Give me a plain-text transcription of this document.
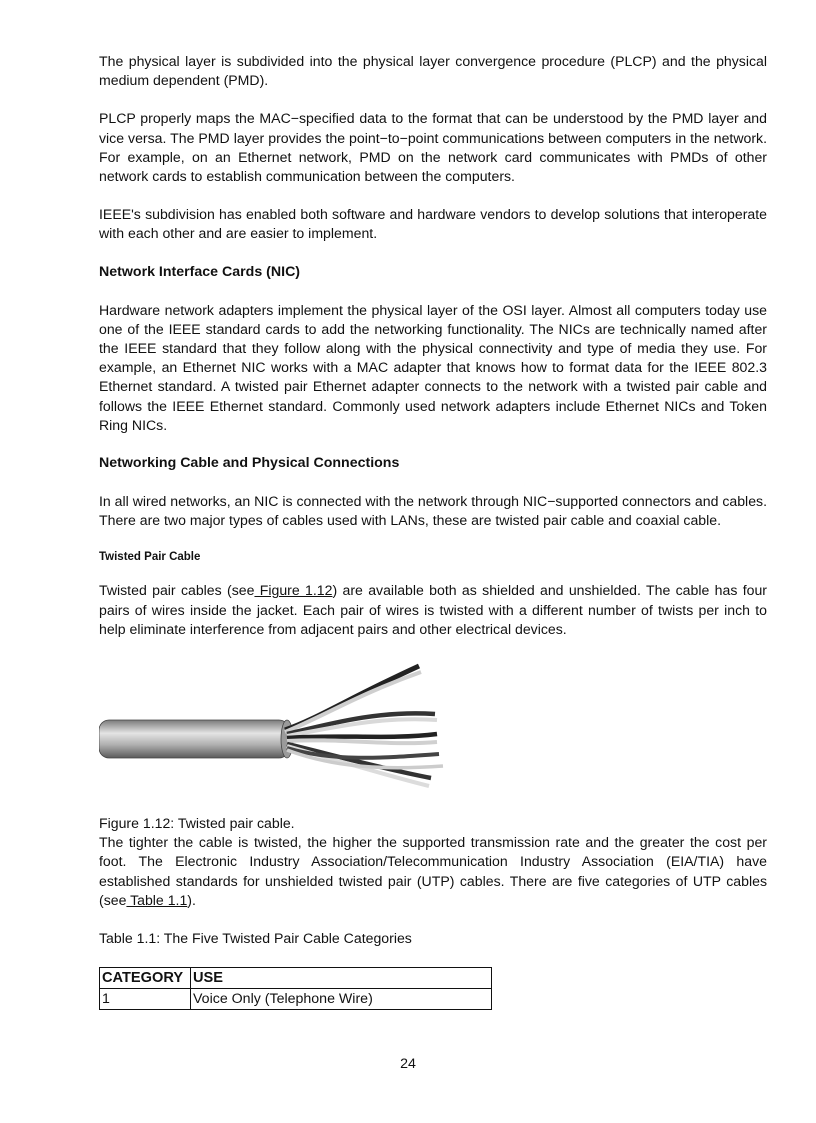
The physical layer is subdivided into the physical layer convergence procedure (PLCP) and the physical medium dependent (PMD).

PLCP properly maps the MAC−specified data to the format that can be understood by the PMD layer and vice versa. The PMD layer provides the point−to−point communications between computers in the network. For example, on an Ethernet network, PMD on the network card communicates with PMDs of other network cards to establish communication between the computers.

IEEE's subdivision has enabled both software and hardware vendors to develop solutions that interoperate with each other and are easier to implement.

Network Interface Cards (NIC)

Hardware network adapters implement the physical layer of the OSI layer. Almost all computers today use one of the IEEE standard cards to add the networking functionality. The NICs are technically named after the IEEE standard that they follow along with the physical connectivity and type of media they use. For example, an Ethernet NIC works with a MAC adapter that knows how to format data for the IEEE 802.3 Ethernet standard. A twisted pair Ethernet adapter connects to the network with a twisted pair cable and follows the IEEE Ethernet standard. Commonly used network adapters include Ethernet NICs and Token Ring NICs.

Networking Cable and Physical Connections

In all wired networks, an NIC is connected with the network through NIC−supported connectors and cables. There are two major types of cables used with LANs, these are twisted pair cable and coaxial cable.

Twisted Pair Cable

Twisted pair cables (see Figure 1.12) are available both as shielded and unshielded. The cable has four pairs of wires inside the jacket. Each pair of wires is twisted with a different number of twists per inch to help eliminate interference from adjacent pairs and other electrical devices.

Figure 1.12: Twisted pair cable.

The tighter the cable is twisted, the higher the supported transmission rate and the greater the cost per foot. The Electronic Industry Association/Telecommunication Industry Association (EIA/TIA) have established standards for unshielded twisted pair (UTP) cables. There are five categories of UTP cables (see Table 1.1).

Table 1.1: The Five Twisted Pair Cable Categories

CATEGORY	USE
1	Voice Only (Telephone Wire)
24
